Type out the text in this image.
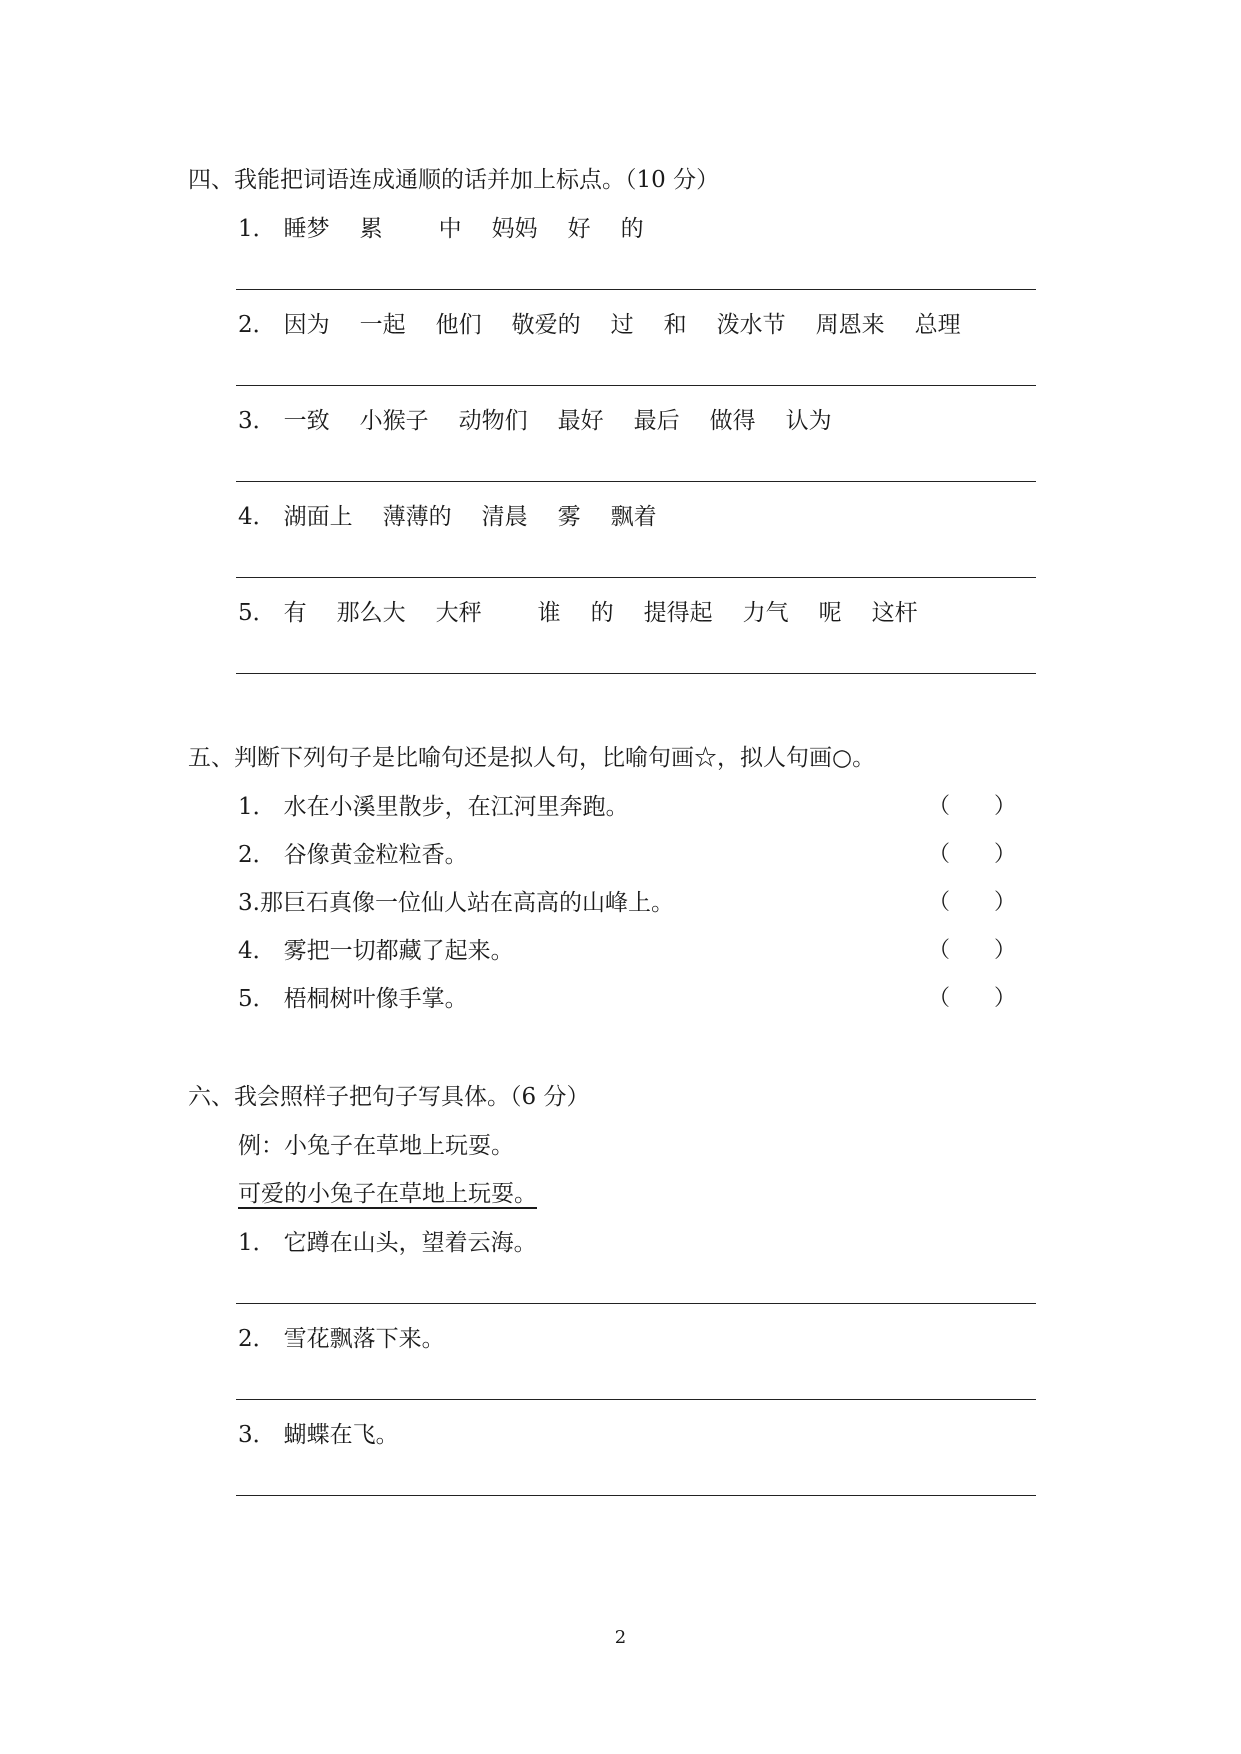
四、我能把词语连成通顺的话并加上标点。（10 分）
1． 睡梦 累 中 妈妈 好 的
2． 因为 一起 他们 敬爱的 过 和 泼水节 周恩来 总理
3． 一致 小猴子 动物们 最好 最后 做得 认为
4． 湖面上 薄薄的 清晨 雾 飘着
5． 有 那么大 大秤 谁 的 提得起 力气 呢 这杆
五、判断下列句子是比喻句还是拟人句，比喻句画☆，拟人句画○。
1． 水在小溪里散步，在江河里奔跑。	（ ）
2． 谷像黄金粒粒香。	（ ）
3.那巨石真像一位仙人站在高高的山峰上。	（ ）
4． 雾把一切都藏了起来。	（ ）
5． 梧桐树叶像手掌。	（ ）
六、我会照样子把句子写具体。（6 分）
例：小兔子在草地上玩耍。
可爱的小兔子在草地上玩耍。
1． 它蹲在山头，望着云海。
2． 雪花飘落下来。
3． 蝴蝶在飞。
2
